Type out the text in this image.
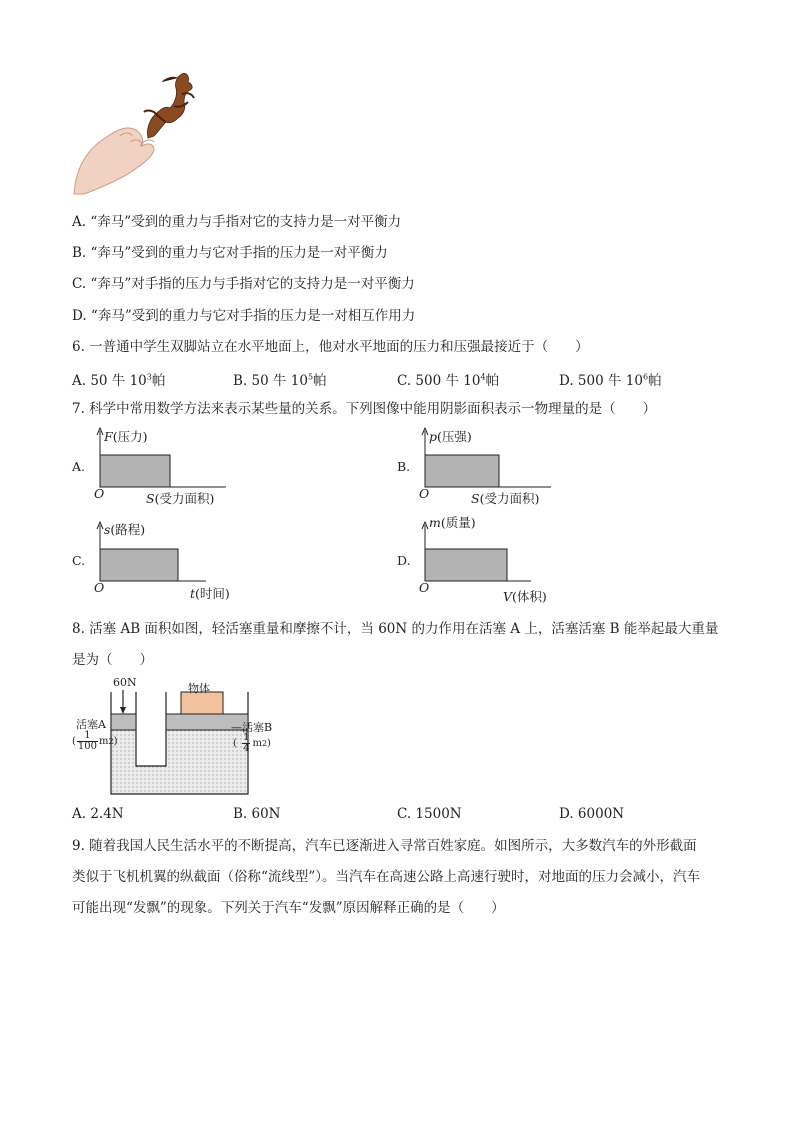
A. “奔马”受到的重力与手指对它的支持力是一对平衡力
B. “奔马”受到的重力与它对手指的压力是一对平衡力
C. “奔马”对手指的压力与手指对它的支持力是一对平衡力
D. “奔马”受到的重力与它对手指的压力是一对相互作用力
6. 一普通中学生双脚站立在水平地面上，他对水平地面的压力和压强最接近于（　　）
A. 50 牛 $10^3$帕	B. 50 牛 $10^5$帕	C. 500 牛 $10^4$帕	D. 500 牛 $10^6$帕
7. 科学中常用数学方法来表示某些量的关系。下列图像中能用阴影面积表示一物理量的是（　　）
A.
F(压力)
O	S(受力面积)
B.
p(压强)
O	S(受力面积)
C.
s(路程)
O	t(时间)
D.
m(质量)
O
V(体积)
8. 活塞 AB 面积如图，轻活塞重量和摩擦不计，当 60N 的力作用在活塞 A 上，活塞活塞 B 能举起最大重量
是为（　　）
60N	物体
活塞A	—活塞B
( $\frac{1}{100}$ m 2 )	( $\frac{1}{4}$ m 2 )
A. 2.4N	B. 60N	C. 1500N	D. 6000N
9. 随着我国人民生活水平的不断提高，汽车已逐渐进入寻常百姓家庭。如图所示，大多数汽车的外形截面
类似于飞机机翼的纵截面（俗称“流线型”）。当汽车在高速公路上高速行驶时，对地面的压力会减小，汽车
可能出现“发飘”的现象。下列关于汽车“发飘”原因解释正确的是（　　）
